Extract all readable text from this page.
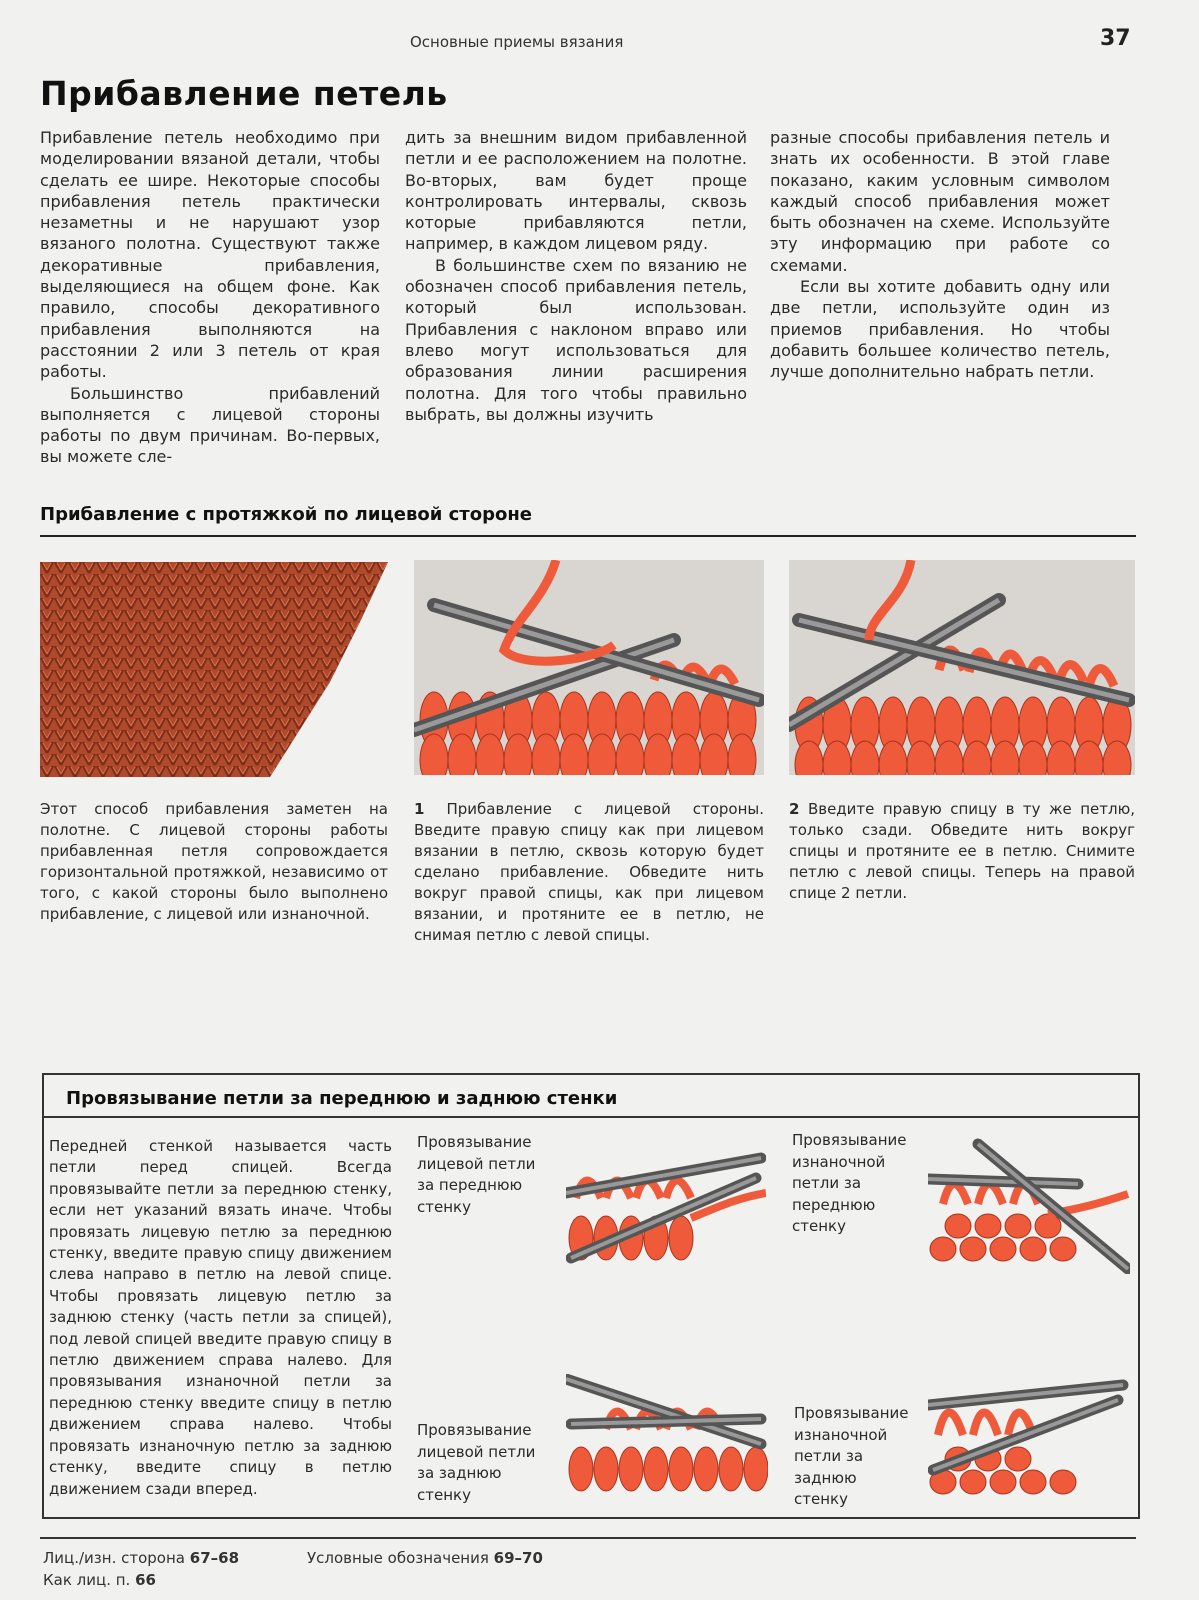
Основные приемы вязания	37
Прибавление петель

Прибавление петель необходимо при моделировании вязаной детали, чтобы сделать ее шире. Некоторые способы прибавления петель практически незаметны и не нарушают узор вязаного полотна. Существуют также декоративные прибавления, выделяющиеся на общем фоне. Как правило, способы декоративного прибавления выполняются на расстоянии 2 или 3 петель от края работы.

Большинство прибавлений выполняется с лицевой стороны работы по двум причинам. Во-первых, вы можете сле-

дить за внешним видом прибавленной петли и ее расположением на полотне. Во-вторых, вам будет проще контролировать интервалы, сквозь которые прибавляются петли, например, в каждом лицевом ряду.

В большинстве схем по вязанию не обозначен способ прибавления петель, который был использован. Прибавления с наклоном вправо или влево могут использоваться для образования линии расширения полотна. Для того чтобы правильно выбрать, вы должны изучить

разные способы прибавления петель и знать их особенности. В этой главе показано, каким условным символом каждый способ прибавления может быть обозначен на схеме. Используйте эту информацию при работе со схемами.

Если вы хотите добавить одну или две петли, используйте один из приемов прибавления. Но чтобы добавить большее количество петель, лучше дополнительно набрать петли.

Прибавление с протяжкой по лицевой стороне
Этот способ прибавления заметен на полотне. С лицевой стороны работы прибавленная петля сопровождается горизонтальной протяжкой, независимо от того, с какой стороны было выполнено прибавление, с лицевой или изнаночной.
1 Прибавление с лицевой стороны. Введите правую спицу как при лицевом вязании в петлю, сквозь которую будет сделано прибавление. Обведите нить вокруг правой спицы, как при лицевом вязании, и протяните ее в петлю, не снимая петлю с левой спицы.
2 Введите правую спицу в ту же петлю, только сзади. Обведите нить вокруг спицы и протяните ее в петлю. Снимите петлю с левой спицы. Теперь на правой спице 2 петли.
Провязывание петли за переднюю и заднюю стенки
Передней стенкой называется часть петли перед спицей. Всегда провязывайте петли за переднюю стенку, если нет указаний вязать иначе. Чтобы провязать лицевую петлю за переднюю стенку, введите правую спицу движением слева направо в петлю на левой спице. Чтобы провязать лицевую петлю за заднюю стенку (часть петли за спицей), под левой спицей введите правую спицу в петлю движением справа налево. Для провязывания изнаночной петли за переднюю стенку введите спицу в петлю движением справа налево. Чтобы провязать изнаночную петлю за заднюю стенку, введите спицу в петлю движением сзади вперед.
Провязывание лицевой петли за переднюю стенку
Провязывание изнаночной петли за переднюю стенку
Провязывание лицевой петли за заднюю стенку
Провязывание изнаночной петли за заднюю стенку
Лиц./изн. сторона 67–68	Условные обозначения 69–70
Как лиц. п. 66
